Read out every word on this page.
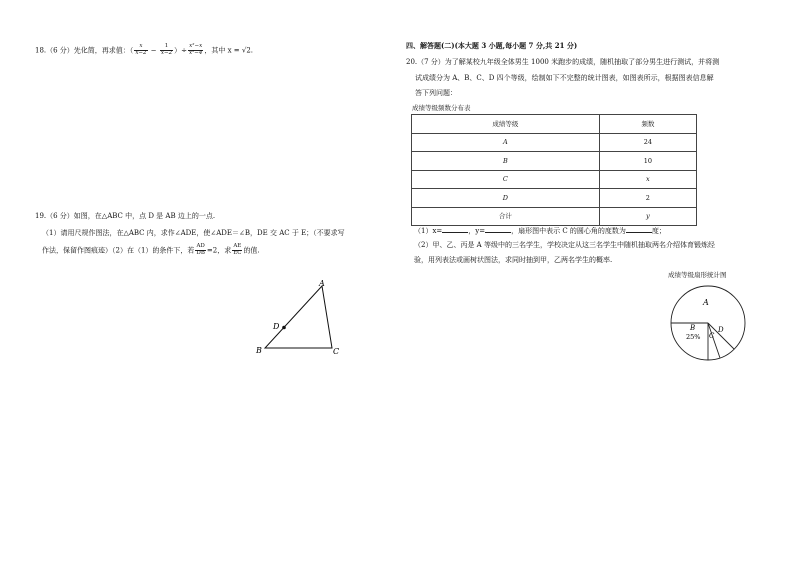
18.（6 分）先化简，再求值：（ $\frac{x}{x-2} - \frac{1}{x-2}$ ）÷ $\frac{\text{x²−x}}{\text{x²−4}}$ ，其中 x = √2.
19.（6 分）如图，在△ABC 中，点 D 是 AB 边上的一点.
（1）请用尺规作图法，在△ABC 内，求作∠ADE，使∠ADE＝∠B，DE 交 AC 于 E；（不要求写
作法，保留作图痕迹）（2）在（1）的条件下，若 $\frac{AD}{DB} =2$，求 $\frac{AE}{EC}$ 的值.
A
B	C
D
四、解答题(二)(本大题 3 小题,每小题 7 分,共 21 分)
20.（7 分）为了解某校九年级全体男生 1000 米跑步的成绩，随机抽取了部分男生进行测试，并将测
试成绩分为 A、B、C、D 四个等级，绘制如下不完整的统计图表，如图表所示，根据图表信息解
答下列问题：
成绩等级频数分布表
成绩等级	频数
A	24
B	10
C	x
D	2
合计	y
（1）x=	，y=	，扇形图中表示 C 的圆心角的度数为	度；
（2）甲、乙、丙是 A 等级中的三名学生，学校决定从这三名学生中随机抽取两名介绍体育锻炼经
验，用列表法或画树状图法，求同时抽到甲，乙两名学生的概率.
成绩等级扇形统计图
A
B
25% C
D
